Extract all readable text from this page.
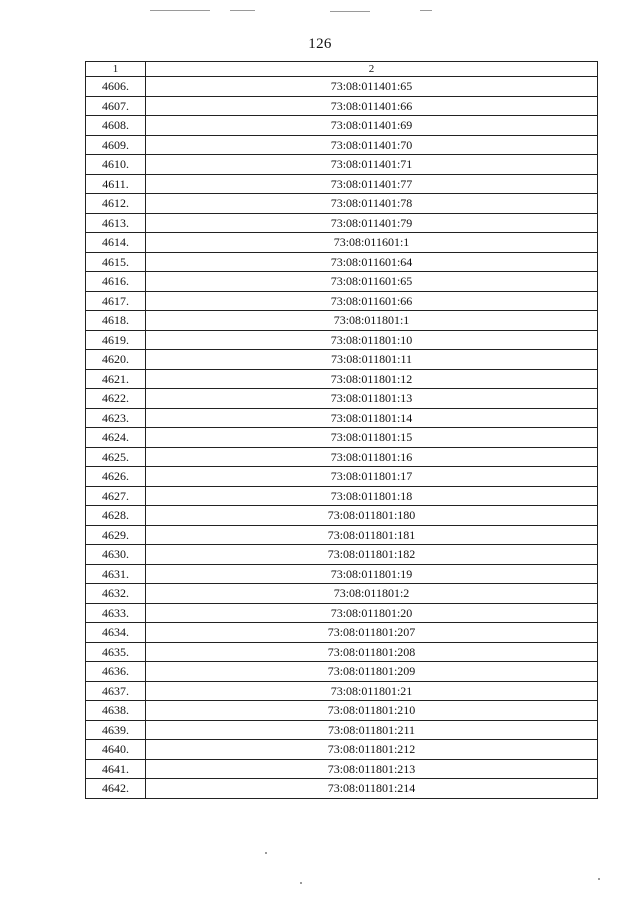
126
1	2
4606.	73:08:011401:65
4607.	73:08:011401:66
4608.	73:08:011401:69
4609.	73:08:011401:70
4610.	73:08:011401:71
4611.	73:08:011401:77
4612.	73:08:011401:78
4613.	73:08:011401:79
4614.	73:08:011601:1
4615.	73:08:011601:64
4616.	73:08:011601:65
4617.	73:08:011601:66
4618.	73:08:011801:1
4619.	73:08:011801:10
4620.	73:08:011801:11
4621.	73:08:011801:12
4622.	73:08:011801:13
4623.	73:08:011801:14
4624.	73:08:011801:15
4625.	73:08:011801:16
4626.	73:08:011801:17
4627.	73:08:011801:18
4628.	73:08:011801:180
4629.	73:08:011801:181
4630.	73:08:011801:182
4631.	73:08:011801:19
4632.	73:08:011801:2
4633.	73:08:011801:20
4634.	73:08:011801:207
4635.	73:08:011801:208
4636.	73:08:011801:209
4637.	73:08:011801:21
4638.	73:08:011801:210
4639.	73:08:011801:211
4640.	73:08:011801:212
4641.	73:08:011801:213
4642.	73:08:011801:214
